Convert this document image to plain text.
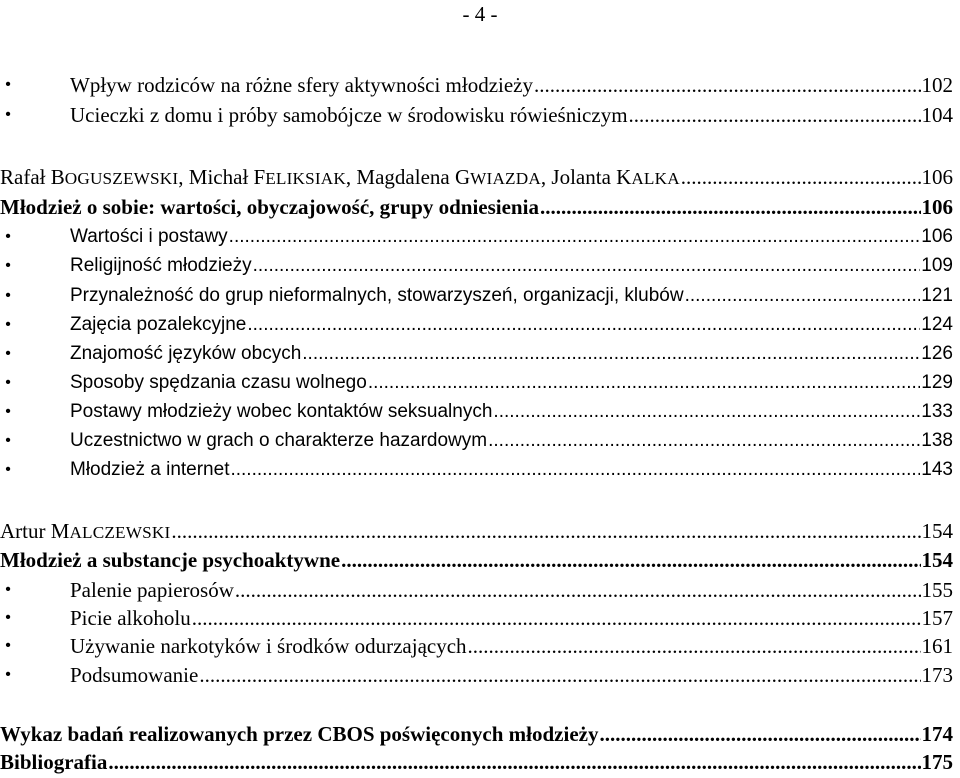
- 4 -
•	Wpływ rodziców na różne sfery aktywności młodzieży .....	102
•	Ucieczki z domu i próby samobójcze w środowisku rówieśniczym .....	104
Rafał BOGUSZEWSKI, Michał FELIKSIAK, Magdalena GWIAZDA, Jolanta KALKA .....	106
Młodzież o sobie: wartości, obyczajowość, grupy odniesienia .....	106
•	Wartości i postawy .....	106
•	Religijność młodzieży .....	109
•	Przynależność do grup nieformalnych, stowarzyszeń, organizacji, klubów .....	121
•	Zajęcia pozalekcyjne .....	124
•	Znajomość języków obcych .....	126
•	Sposoby spędzania czasu wolnego .....	129
•	Postawy młodzieży wobec kontaktów seksualnych .....	133
•	Uczestnictwo w grach o charakterze hazardowym .....	138
•	Młodzież a internet .....	143
Artur MALCZEWSKI .....	154
Młodzież a substancje psychoaktywne .....	154
•	Palenie papierosów .....	155
•	Picie alkoholu .....	157
•	Używanie narkotyków i środków odurzających .....	161
•	Podsumowanie .....	173
Wykaz badań realizowanych przez CBOS poświęconych młodzieży .....	174
Bibliografia .....	175
